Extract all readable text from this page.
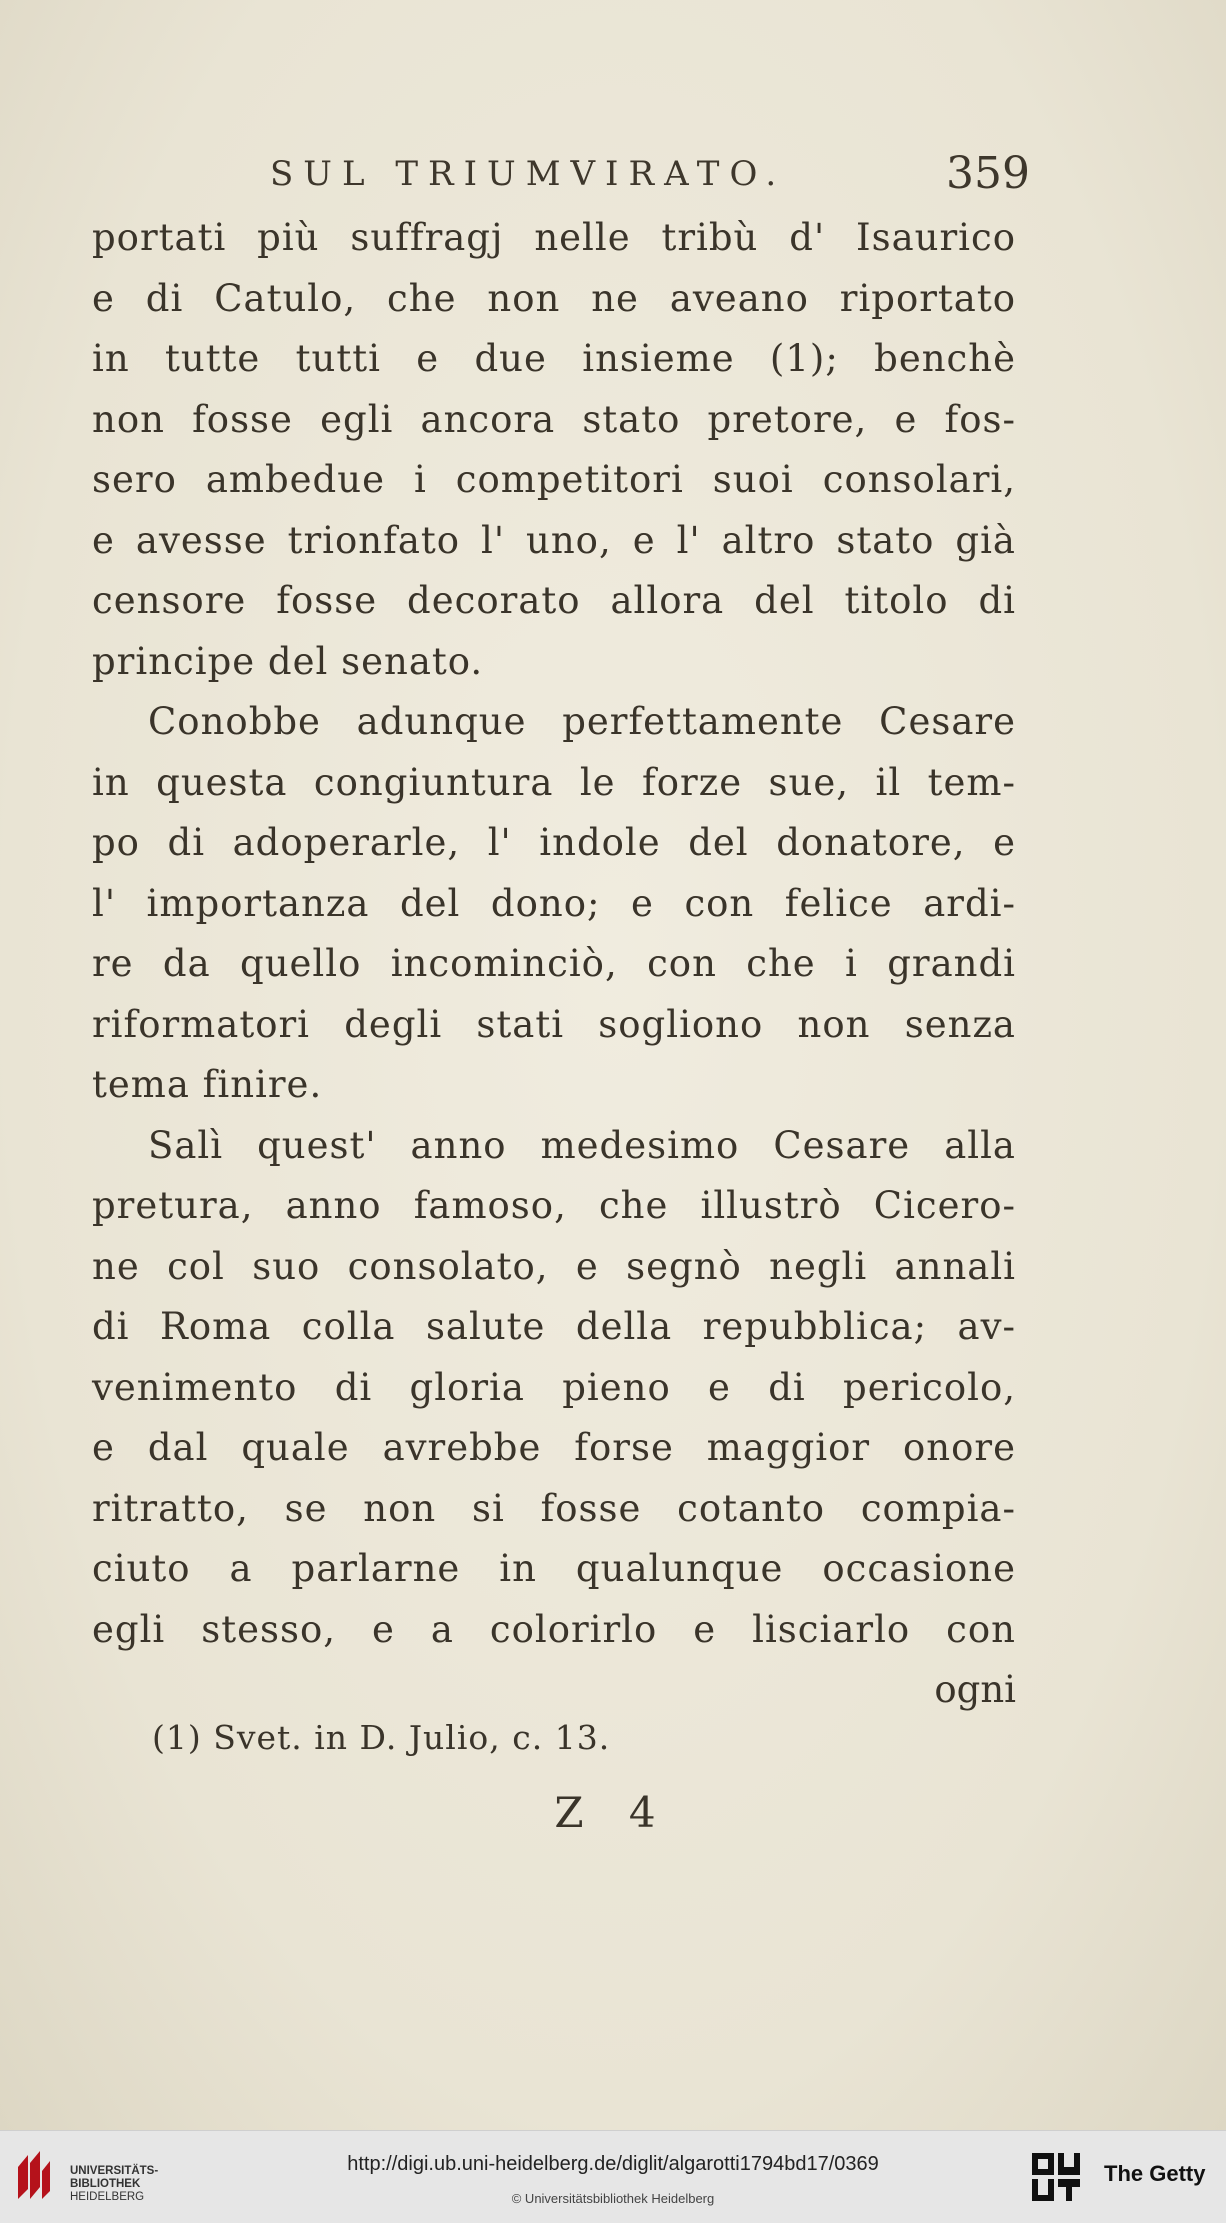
SUL TRIUMVIRATO.	359
portati più suffragj nelle tribù d' Isaurico
e di Catulo, che non ne aveano riportato
in tutte tutti e due insieme (1); benchè
non fosse egli ancora stato pretore, e fos-
sero ambedue i competitori suoi consolari,
e avesse trionfato l' uno, e l' altro stato già
censore fosse decorato allora del titolo di
principe del senato.
Conobbe adunque perfettamente Cesare
in questa congiuntura le forze sue, il tem-
po di adoperarle, l' indole del donatore, e
l' importanza del dono; e con felice ardi-
re da quello incominciò, con che i grandi
riformatori degli stati sogliono non senza
tema finire.
Salì quest' anno medesimo Cesare alla
pretura, anno famoso, che illustrò Cicero-
ne col suo consolato, e segnò negli annali
di Roma colla salute della repubblica; av-
venimento di gloria pieno e di pericolo,
e dal quale avrebbe forse maggior onore
ritratto, se non si fosse cotanto compia-
ciuto a parlarne in qualunque occasione
egli stesso, e a colorirlo e lisciarlo con
ogni
(1) Svet. in D. Julio, c. 13.
Z 4
UNIVERSITÄTS-
BIBLIOTHEK
HEIDELBERG
http://digi.ub.uni-heidelberg.de/diglit/algarotti1794bd17/0369
© Universitätsbibliothek Heidelberg
The Getty
